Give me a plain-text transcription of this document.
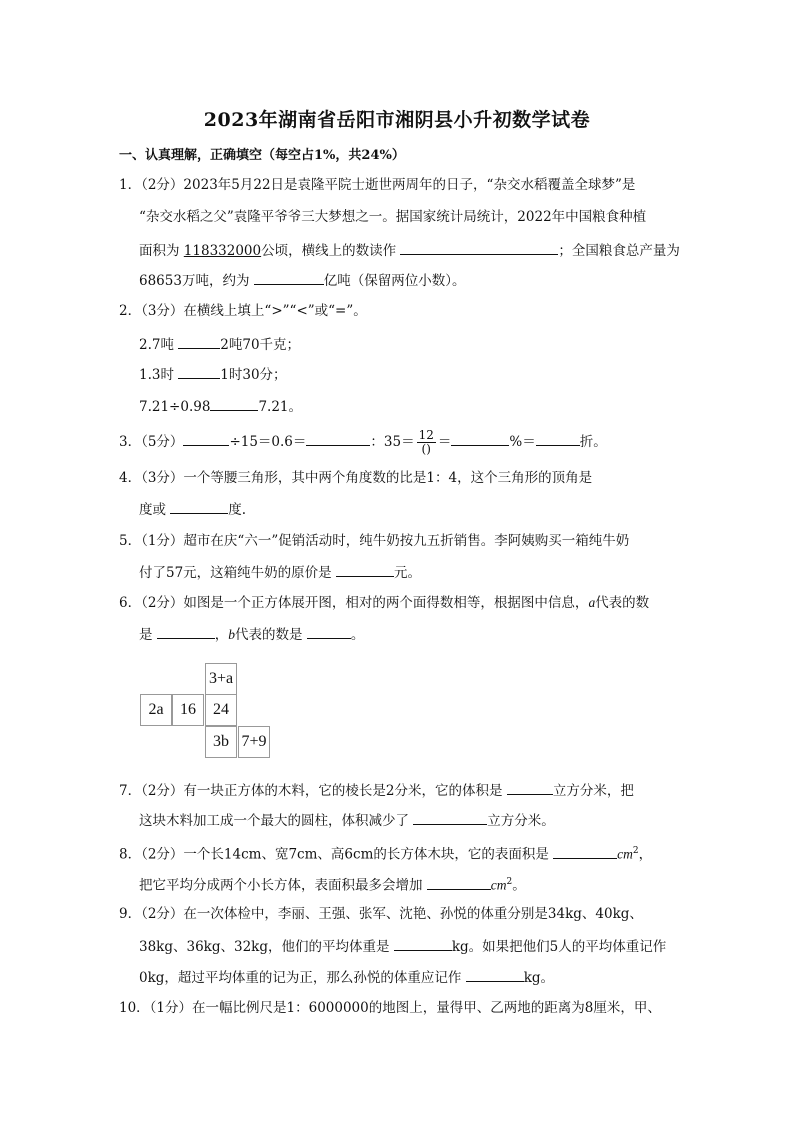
2023年湖南省岳阳市湘阴县小升初数学试卷
一、认真理解，正确填空（每空占1%，共24%）
1．（2分）2023年5月22日是袁隆平院士逝世两周年的日子，“杂交水稻覆盖全球梦”是
“杂交水稻之父”袁隆平爷爷三大梦想之一。据国家统计局统计，2022年中国粮食种植
面积为 118332000公顷，横线上的数读作	；全国粮食总产量为
68653万吨，约为	亿吨（保留两位小数）。
2．（3分）在横线上填上“>”“<”或“=”。
2.7吨	2吨70千克；
1.3时	1时30分；
7.21÷0.98	7.21。
3．（5分）	÷15＝0.6＝	：$35= \frac{12}{()}$ ＝	%＝	折。
4．（3分）一个等腰三角形，其中两个角度数的比是1：4，这个三角形的顶角是
度或	度.
5．（1分）超市在庆“六一”促销活动时，纯牛奶按九五折销售。李阿姨购买一箱纯牛奶
付了57元，这箱纯牛奶的原价是	元。
6．（2分）如图是一个正方体展开图，相对的两个面得数相等，根据图中信息，a代表的数
是	，b代表的数是	。
3+a
2a	16	24
3b 7+9
7．（2分）有一块正方体的木料，它的棱长是2分米，它的体积是	立方分米，把
这块木料加工成一个最大的圆柱，体积减少了	立方分米。
8．（2分）一个长14cm、宽7cm、高6cm的长方体木块，它的表面积是	$cm^2$，
把它平均分成两个小长方体，表面积最多会增加	$cm^2$。
9．（2分）在一次体检中，李丽、王强、张军、沈艳、孙悦的体重分别是34kg、40kg、
38kg、36kg、32kg，他们的平均体重是	kg。如果把他们5人的平均体重记作
0kg，超过平均体重的记为正，那么孙悦的体重应记作	kg。
10．（1分）在一幅比例尺是1：6000000的地图上，量得甲、乙两地的距离为8厘米，甲、
